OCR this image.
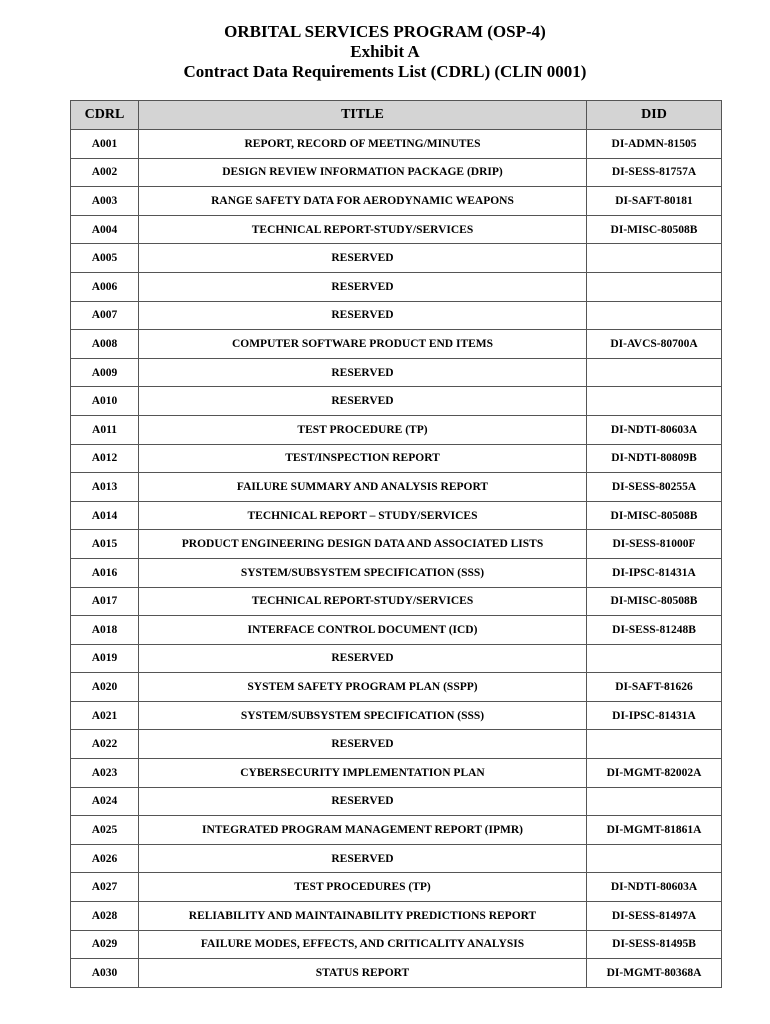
ORBITAL SERVICES PROGRAM (OSP-4)
Exhibit A
Contract Data Requirements List (CDRL) (CLIN 0001)
CDRL	TITLE	DID
A001	REPORT, RECORD OF MEETING/MINUTES	DI-ADMN-81505
A002	DESIGN REVIEW INFORMATION PACKAGE (DRIP)	DI-SESS-81757A
A003	RANGE SAFETY DATA FOR AERODYNAMIC WEAPONS	DI-SAFT-80181
A004	TECHNICAL REPORT-STUDY/SERVICES	DI-MISC-80508B
A005	RESERVED	
A006	RESERVED	
A007	RESERVED	
A008	COMPUTER SOFTWARE PRODUCT END ITEMS	DI-AVCS-80700A
A009	RESERVED	
A010	RESERVED	
A011	TEST PROCEDURE (TP)	DI-NDTI-80603A
A012	TEST/INSPECTION REPORT	DI-NDTI-80809B
A013	FAILURE SUMMARY AND ANALYSIS REPORT	DI-SESS-80255A
A014	TECHNICAL REPORT – STUDY/SERVICES	DI-MISC-80508B
A015	PRODUCT ENGINEERING DESIGN DATA AND ASSOCIATED LISTS	DI-SESS-81000F
A016	SYSTEM/SUBSYSTEM SPECIFICATION (SSS)	DI-IPSC-81431A
A017	TECHNICAL REPORT-STUDY/SERVICES	DI-MISC-80508B
A018	INTERFACE CONTROL DOCUMENT (ICD)	DI-SESS-81248B
A019	RESERVED	
A020	SYSTEM SAFETY PROGRAM PLAN (SSPP)	DI-SAFT-81626
A021	SYSTEM/SUBSYSTEM SPECIFICATION (SSS)	DI-IPSC-81431A
A022	RESERVED	
A023	CYBERSECURITY IMPLEMENTATION PLAN	DI-MGMT-82002A
A024	RESERVED	
A025	INTEGRATED PROGRAM MANAGEMENT REPORT (IPMR)	DI-MGMT-81861A
A026	RESERVED	
A027	TEST PROCEDURES (TP)	DI-NDTI-80603A
A028	RELIABILITY AND MAINTAINABILITY PREDICTIONS REPORT	DI-SESS-81497A
A029	FAILURE MODES, EFFECTS, AND CRITICALITY ANALYSIS	DI-SESS-81495B
A030	STATUS REPORT	DI-MGMT-80368A
